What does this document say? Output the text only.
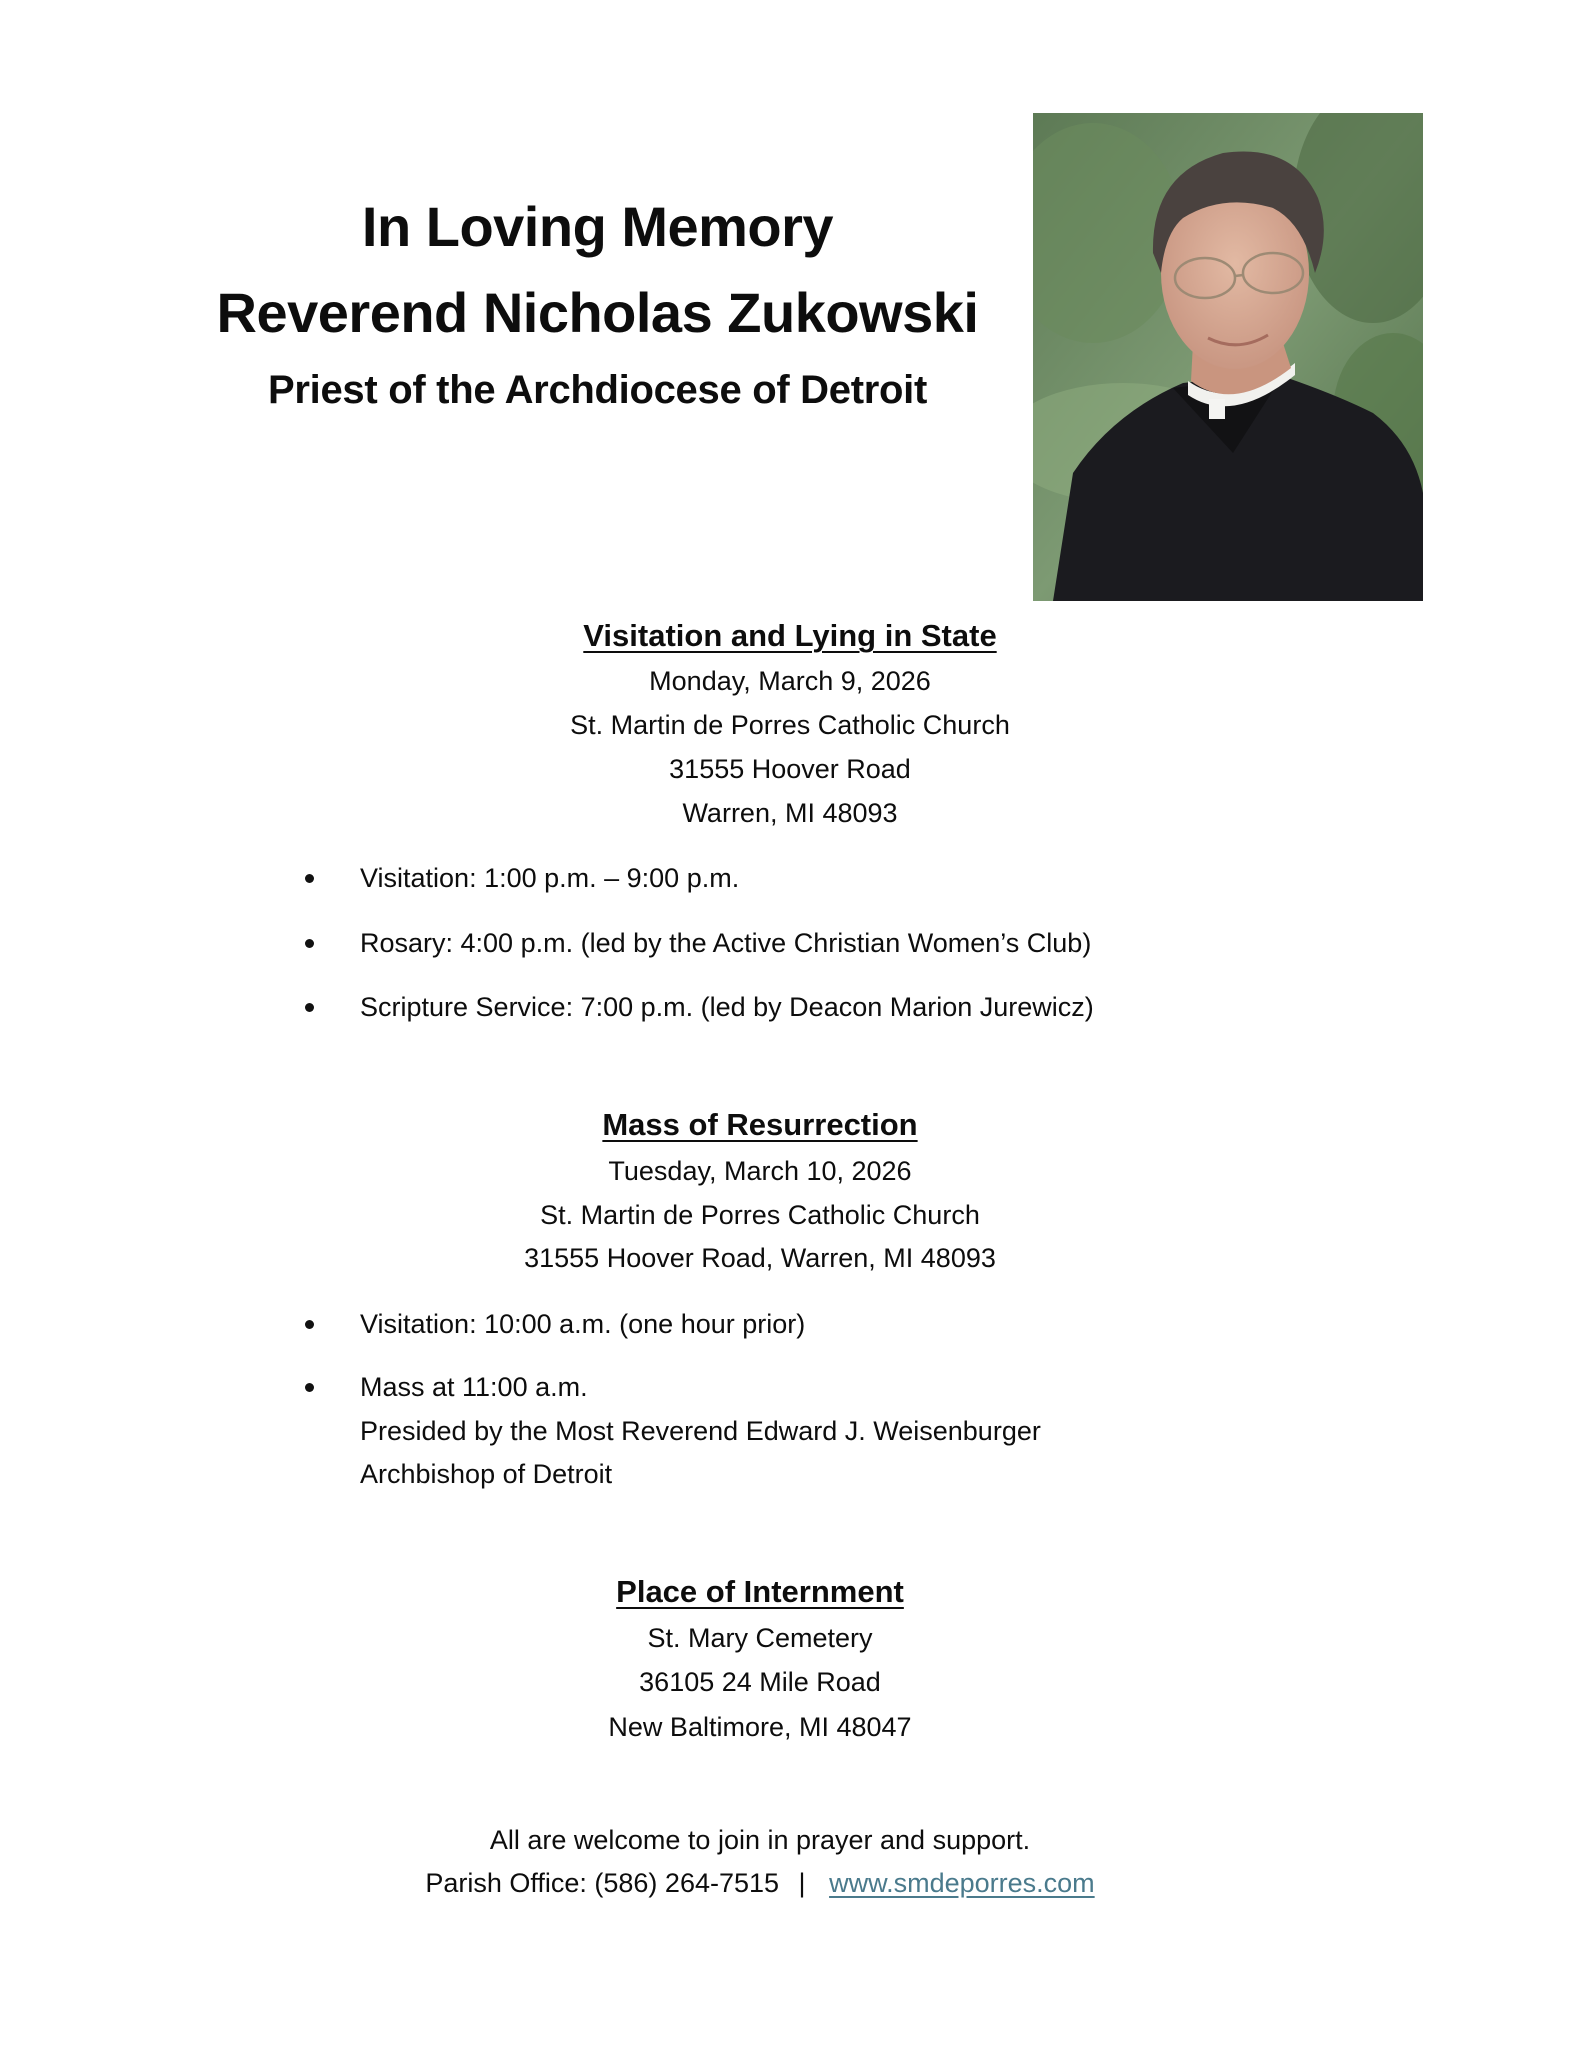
In Loving Memory
Reverend Nicholas Zukowski
Priest of the Archdiocese of Detroit
Visitation and Lying in State
Monday, March 9, 2026
St. Martin de Porres Catholic Church
31555 Hoover Road
Warren, MI 48093
Visitation: 1:00 p.m. – 9:00 p.m.
Rosary: 4:00 p.m. (led by the Active Christian Women’s Club)
Scripture Service: 7:00 p.m. (led by Deacon Marion Jurewicz)
Mass of Resurrection
Tuesday, March 10, 2026
St. Martin de Porres Catholic Church
31555 Hoover Road, Warren, MI 48093
Visitation: 10:00 a.m. (one hour prior)
Mass at 11:00 a.m.
Presided by the Most Reverend Edward J. Weisenburger
Archbishop of Detroit
Place of Internment
St. Mary Cemetery
36105 24 Mile Road
New Baltimore, MI 48047
All are welcome to join in prayer and support.
Parish Office: (586) 264-7515 | www.smdeporres.com
